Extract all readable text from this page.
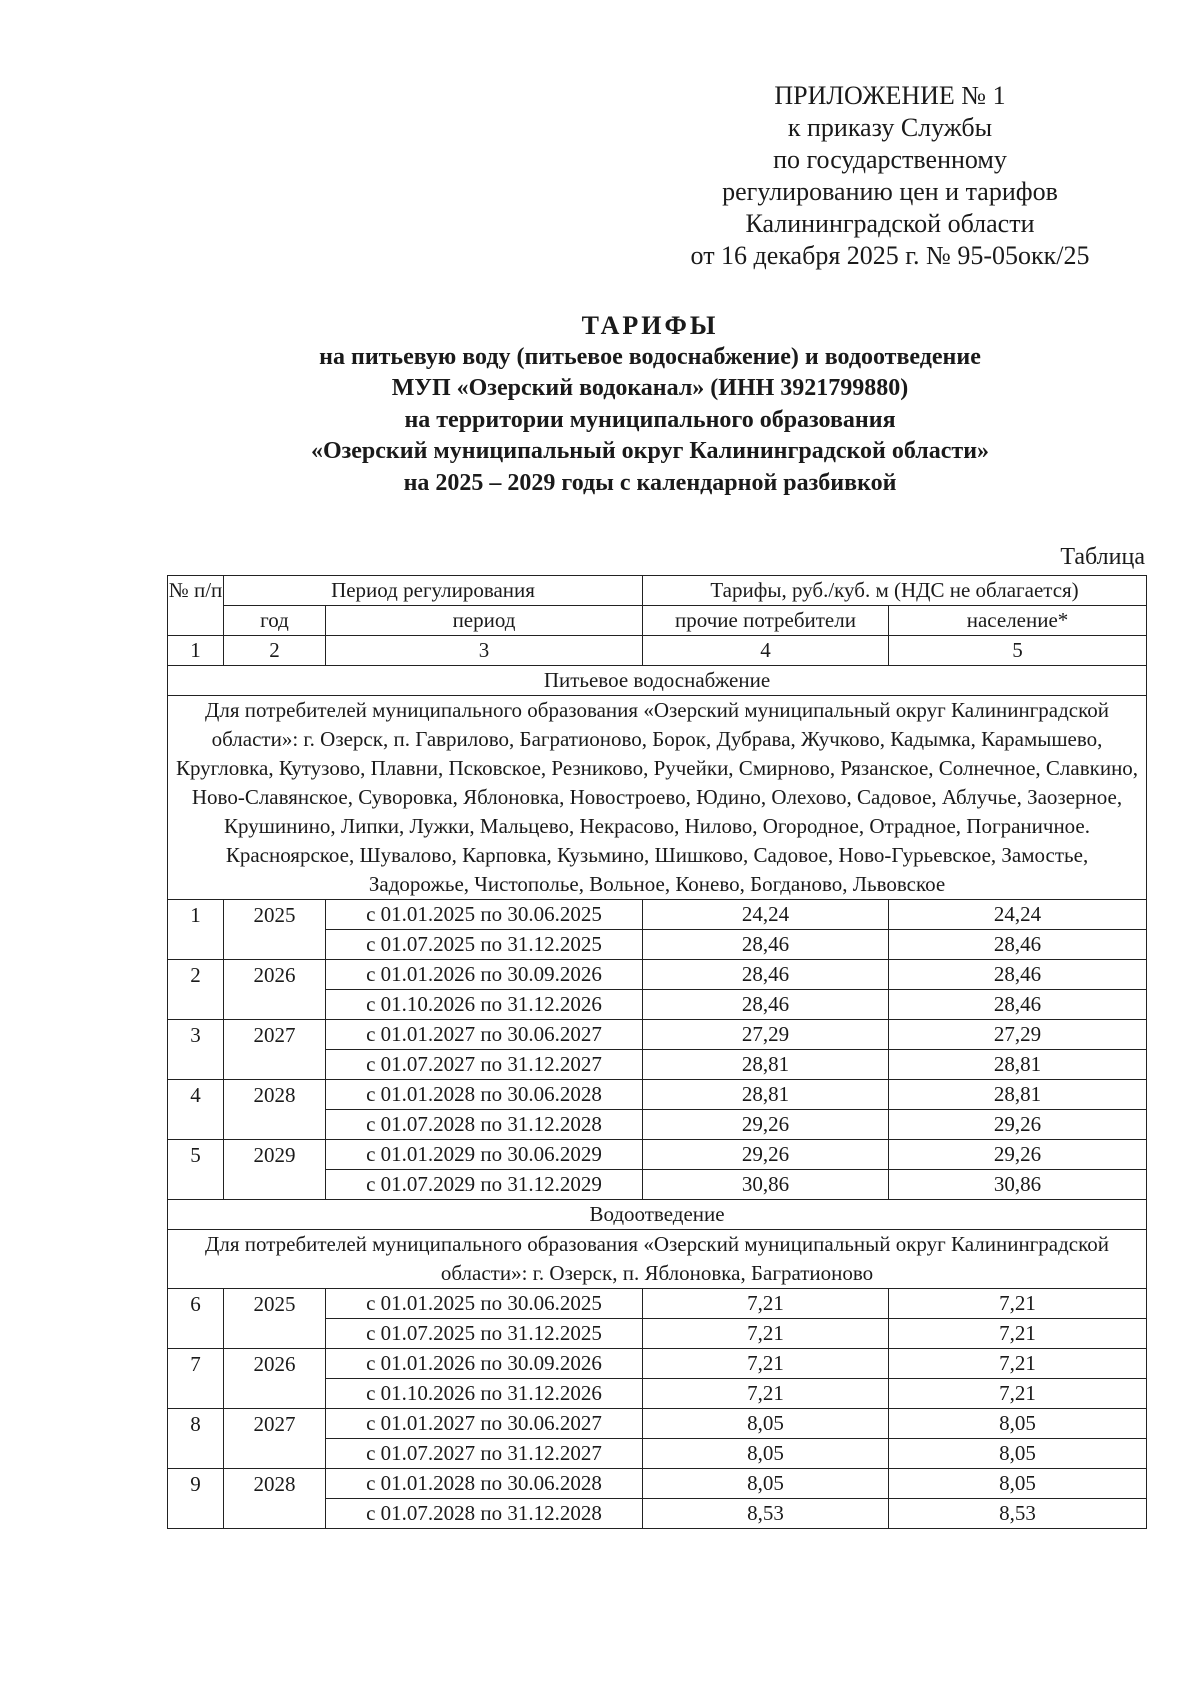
ПРИЛОЖЕНИЕ № 1
к приказу Службы
по государственному
регулированию цен и тарифов
Калининградской области
от 16 декабря 2025 г. № 95-05окк/25
ТАРИФЫ
на питьевую воду (питьевое водоснабжение) и водоотведение
МУП «Озерский водоканал» (ИНН 3921799880)
на территории муниципального образования
«Озерский муниципальный округ Калининградской области»
на 2025 – 2029 годы с календарной разбивкой
Таблица
№ п/п	Период регулирования		Тарифы, руб./куб. м (НДС не облагается)	
	год	период	прочие потребители	население*
1	2	3	4	5
Питьевое водоснабжение				
Для потребителей муниципального образования «Озерский муниципальный округ Калининградской области»: г. Озерск, п. Гаврилово, Багратионово, Борок, Дубрава, Жучково, Кадымка, Карамышево, Кругловка, Кутузово, Плавни, Псковское, Резниково, Ручейки, Смирново, Рязанское, Солнечное, Славкино, Ново-Славянское, Суворовка, Яблоновка, Новостроево, Юдино, Олехово, Садовое, Аблучье, Заозерное, Крушинино, Липки, Лужки, Мальцево, Некрасово, Нилово, Огородное, Отрадное, Пограничное. Красноярское, Шувалово, Карповка, Кузьмино, Шишково, Садовое, Ново-Гурьевское, Замостье, Задорожье, Чистополье, Вольное, Конево, Богданово, Львовское				
1	2025	с 01.01.2025 по 30.06.2025	24,24	24,24
		с 01.07.2025 по 31.12.2025	28,46	28,46
2	2026	с 01.01.2026 по 30.09.2026	28,46	28,46
		с 01.10.2026 по 31.12.2026	28,46	28,46
3	2027	с 01.01.2027 по 30.06.2027	27,29	27,29
		с 01.07.2027 по 31.12.2027	28,81	28,81
4	2028	с 01.01.2028 по 30.06.2028	28,81	28,81
		с 01.07.2028 по 31.12.2028	29,26	29,26
5	2029	с 01.01.2029 по 30.06.2029	29,26	29,26
		с 01.07.2029 по 31.12.2029	30,86	30,86
Водоотведение				
Для потребителей муниципального образования «Озерский муниципальный округ Калининградской области»: г. Озерск, п. Яблоновка, Багратионово				
6	2025	с 01.01.2025 по 30.06.2025	7,21	7,21
		с 01.07.2025 по 31.12.2025	7,21	7,21
7	2026	с 01.01.2026 по 30.09.2026	7,21	7,21
		с 01.10.2026 по 31.12.2026	7,21	7,21
8	2027	с 01.01.2027 по 30.06.2027	8,05	8,05
		с 01.07.2027 по 31.12.2027	8,05	8,05
9	2028	с 01.01.2028 по 30.06.2028	8,05	8,05
		с 01.07.2028 по 31.12.2028	8,53	8,53
